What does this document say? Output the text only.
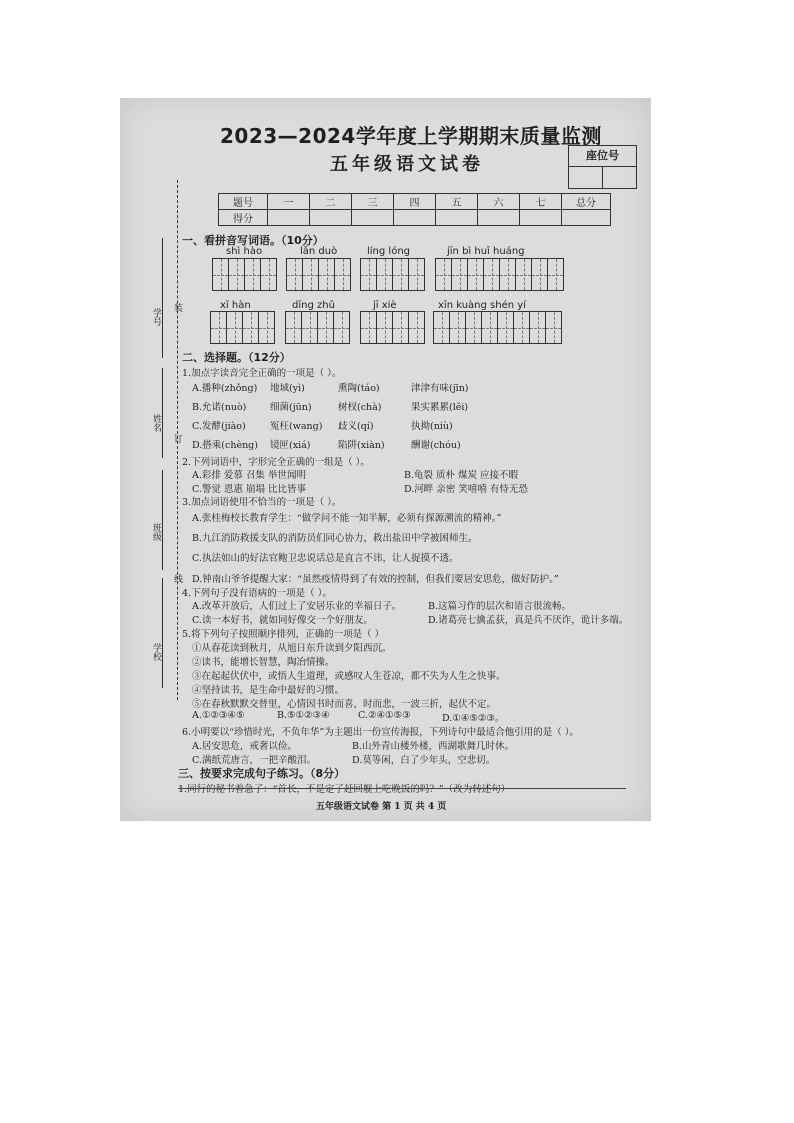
2023—2024学年度上学期期末质量监测
五年级语文试卷	座位号
题号	一	二	三	四	五	六	七	总分
得分								
学号
姓名
班级
学校
装
订
线
一、看拼音写词语。（10分）
shì hào	lǎn duò	líng lóng	jīn bì huī huáng
xī hàn	dīng zhǔ	jī xiè	xīn kuàng shén yí
二、选择题。（12分）
1.加点字读音完全正确的一项是（ ）。
A.播种(zhǒng) 地域(yì)	熏陶(táo)	津津有味(jīn)
B.允诺(nuò) 细菌(jūn)	树杈(chà)	果实累累(lěi)
C.发酵(jiào)	冤枉(wang) 歧义(qí)	执拗(niù)
D.搭乘(chèng) 镜匣(xiá)	陷阱(xiàn)	酬谢(chóu)
2.下列词语中，字形完全正确的一组是（ ）。
A.彩排 爱慕 召集 举世闻明	B.龟裂 质朴 煤炭 应接不暇
C.警觉 恩惠 崩塌 比比皆事	D.河畔 亲密 笑嘻嘻 有恃无恐
3.加点词语使用不恰当的一项是（ ）。
A.张桂梅校长教育学生：“做学问不能一知半解，必须有探源溯流的精神。”
B.九江消防救援支队的消防员们同心协力，救出盐田中学被困师生。
C.执法如山的好法官鲍卫忠说话总是直言不讳，让人捉摸不透。
D.钟南山爷爷提醒大家：“虽然疫情得到了有效的控制，但我们要居安思危，做好防护。”
4.下列句子没有语病的一项是（ ）。
A.改革开放后，人们过上了安居乐业的幸福日子。	B.这篇习作的层次和语言很流畅。
C.读一本好书，就如同好像交一个好朋友。	D.诸葛亮七擒孟获，真是兵不厌诈，诡计多端。
5.将下列句子按照顺序排列，正确的一项是（ ）
①从春花读到秋月，从旭日东升读到夕阳西沉。
②读书，能增长智慧，陶冶情操。
③在起起伏伏中，或悟人生道理，或感叹人生苍凉，都不失为人生之快事。
④坚持读书，是生命中最好的习惯。
⑤在春秋默默交替里，心情因书时而喜，时而悲，一波三折，起伏不定。
A.①②③④⑤	B.⑤①②③④	C.②④①⑤③	D.①④⑤②③。
6.小明要以“珍惜时光，不负年华”为主题出一份宣传海报，下列诗句中最适合他引用的是（ ）。
A.居安思危，戒奢以俭。	B.山外青山楼外楼，西湖歌舞几时休。
C.满纸荒唐言，一把辛酸泪。	D.莫等闲，白了少年头，空悲切。
三、按要求完成句子练习。（8分）
1.同行的秘书着急了：“首长，不是定了赶回舰上吃晚饭的吗？”（改为转述句）
五年级语文试卷 第 1 页 共 4 页
